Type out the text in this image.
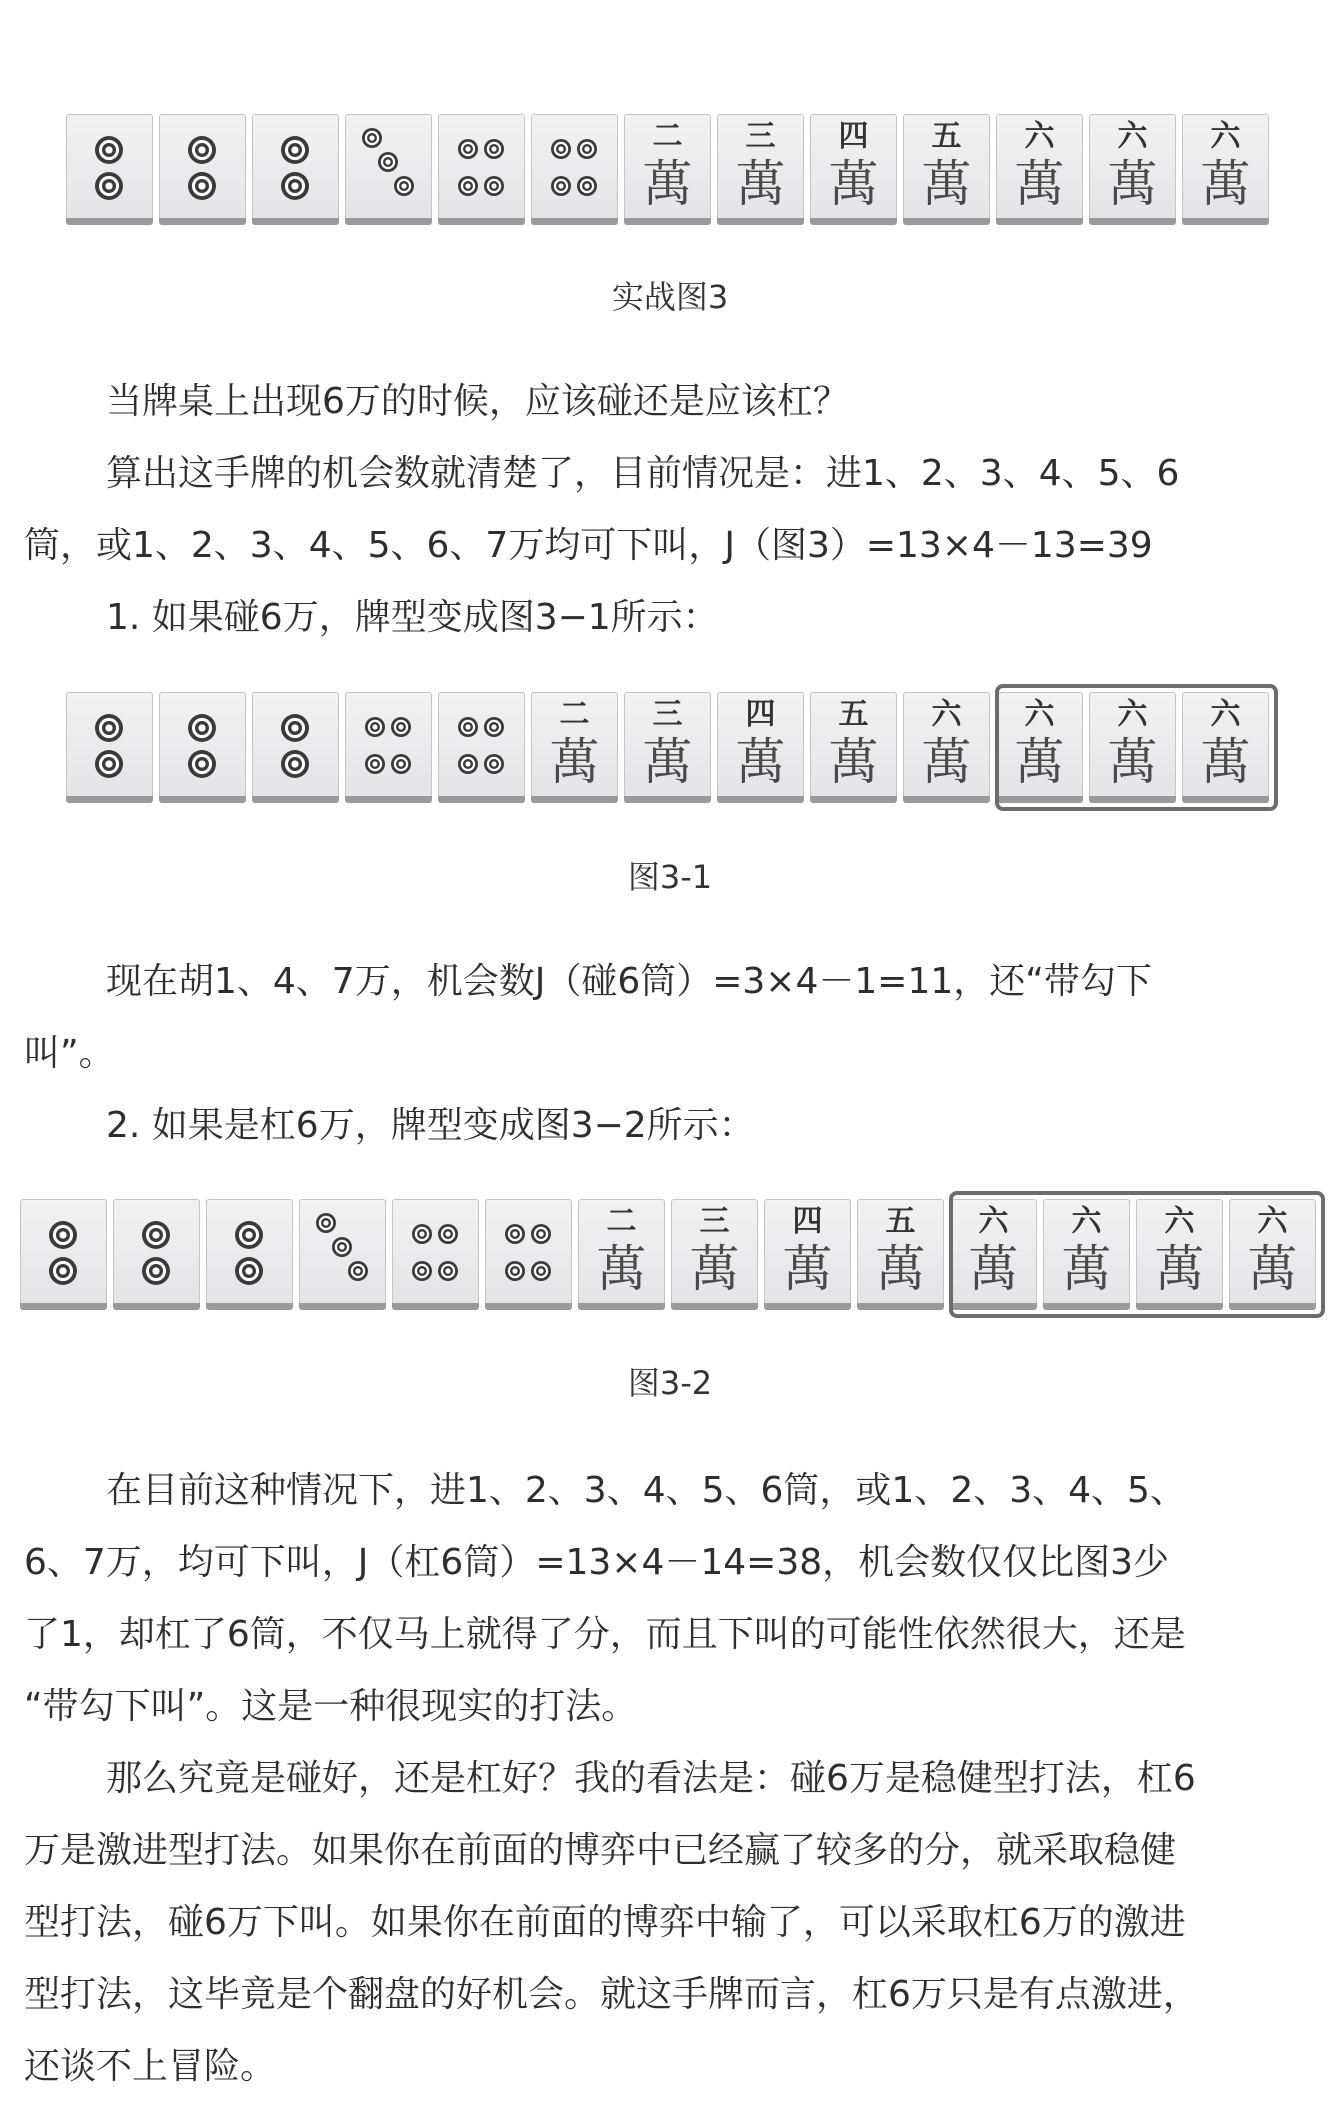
二
萬
三
萬
四
萬
五
萬
六
萬
六
萬
六
萬
实战图3

当牌桌上出现6万的时候，应该碰还是应该杠？

算出这手牌的机会数就清楚了，目前情况是：进1、2、3、4、5、6

筒，或1、2、3、4、5、6、7万均可下叫，J（图3）=13×4－13=39

1. 如果碰6万，牌型变成图3−1所示：

二
萬
三
萬
四
萬
五
萬
六
萬
六
萬
六
萬
六
萬
图3-1

现在胡1、4、7万，机会数J（碰6筒）=3×4－1=11，还“带勾下

叫”。

2. 如果是杠6万，牌型变成图3−2所示：

二
萬
三
萬
四
萬
五
萬
六
萬
六
萬
六
萬
六
萬
图3-2

在目前这种情况下，进1、2、3、4、5、6筒，或1、2、3、4、5、

6、7万，均可下叫，J（杠6筒）=13×4－14=38，机会数仅仅比图3少

了1，却杠了6筒，不仅马上就得了分，而且下叫的可能性依然很大，还是

“带勾下叫”。这是一种很现实的打法。

那么究竟是碰好，还是杠好？我的看法是：碰6万是稳健型打法，杠6

万是激进型打法。如果你在前面的博弈中已经赢了较多的分，就采取稳健

型打法，碰6万下叫。如果你在前面的博弈中输了，可以采取杠6万的激进

型打法，这毕竟是个翻盘的好机会。就这手牌而言，杠6万只是有点激进，

还谈不上冒险。
